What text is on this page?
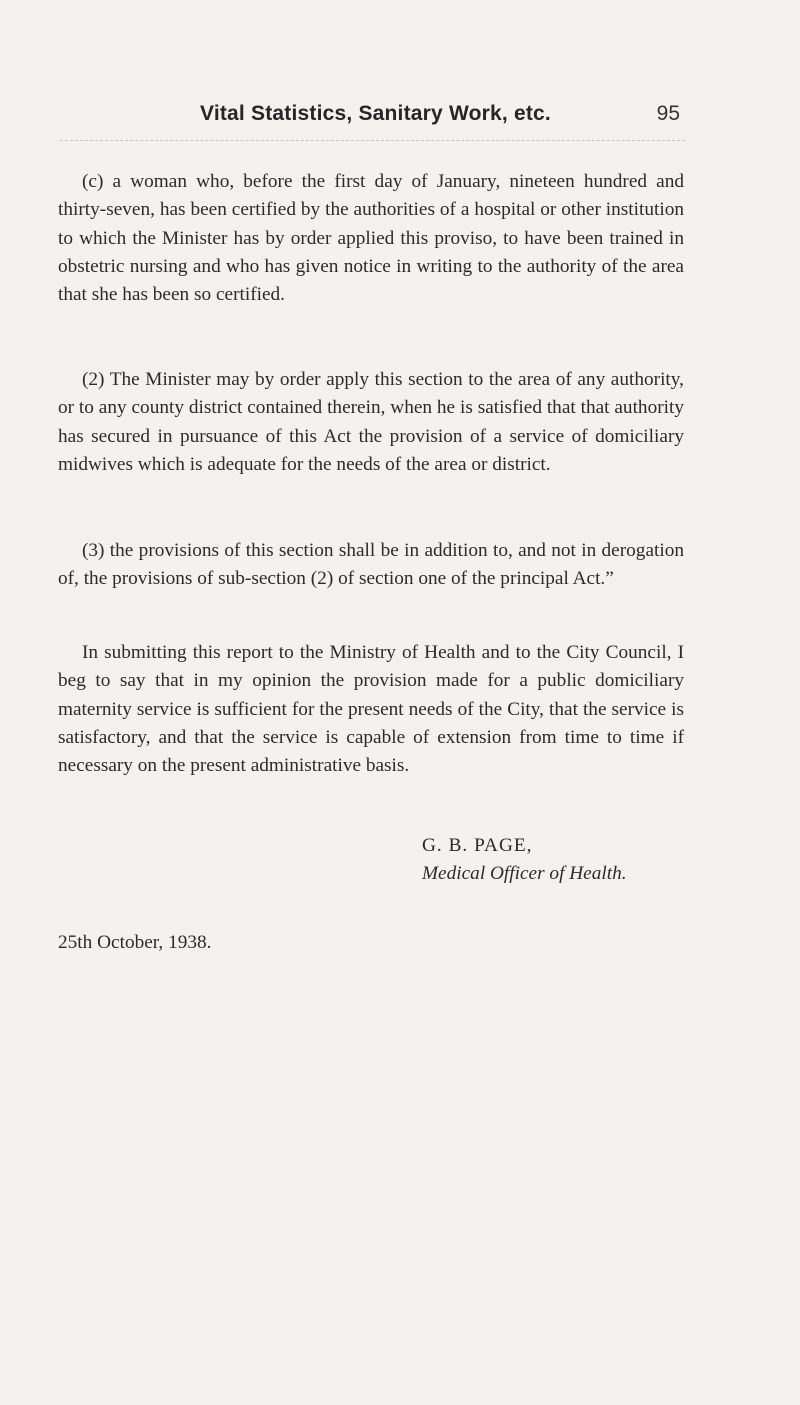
Vital Statistics, Sanitary Work, etc.	95

(c) a woman who, before the first day of January, nineteen hundred and thirty-seven, has been certified by the authorities of a hospital or other institution to which the Minister has by order applied this proviso, to have been trained in obstetric nursing and who has given notice in writing to the authority of the area that she has been so certified.

(2) The Minister may by order apply this section to the area of any authority, or to any county district contained therein, when he is satisfied that that authority has secured in pursuance of this Act the provision of a service of domiciliary midwives which is adequate for the needs of the area or district.

(3) the provisions of this section shall be in addition to, and not in derogation of, the provisions of sub-section (2) of section one of the principal Act.”

In submitting this report to the Ministry of Health and to the City Council, I beg to say that in my opinion the provision made for a public domiciliary maternity service is sufficient for the present needs of the City, that the service is satisfactory, and that the service is capable of extension from time to time if necessary on the present administrative basis.

G. B. PAGE,
Medical Officer of Health.
25th October, 1938.
